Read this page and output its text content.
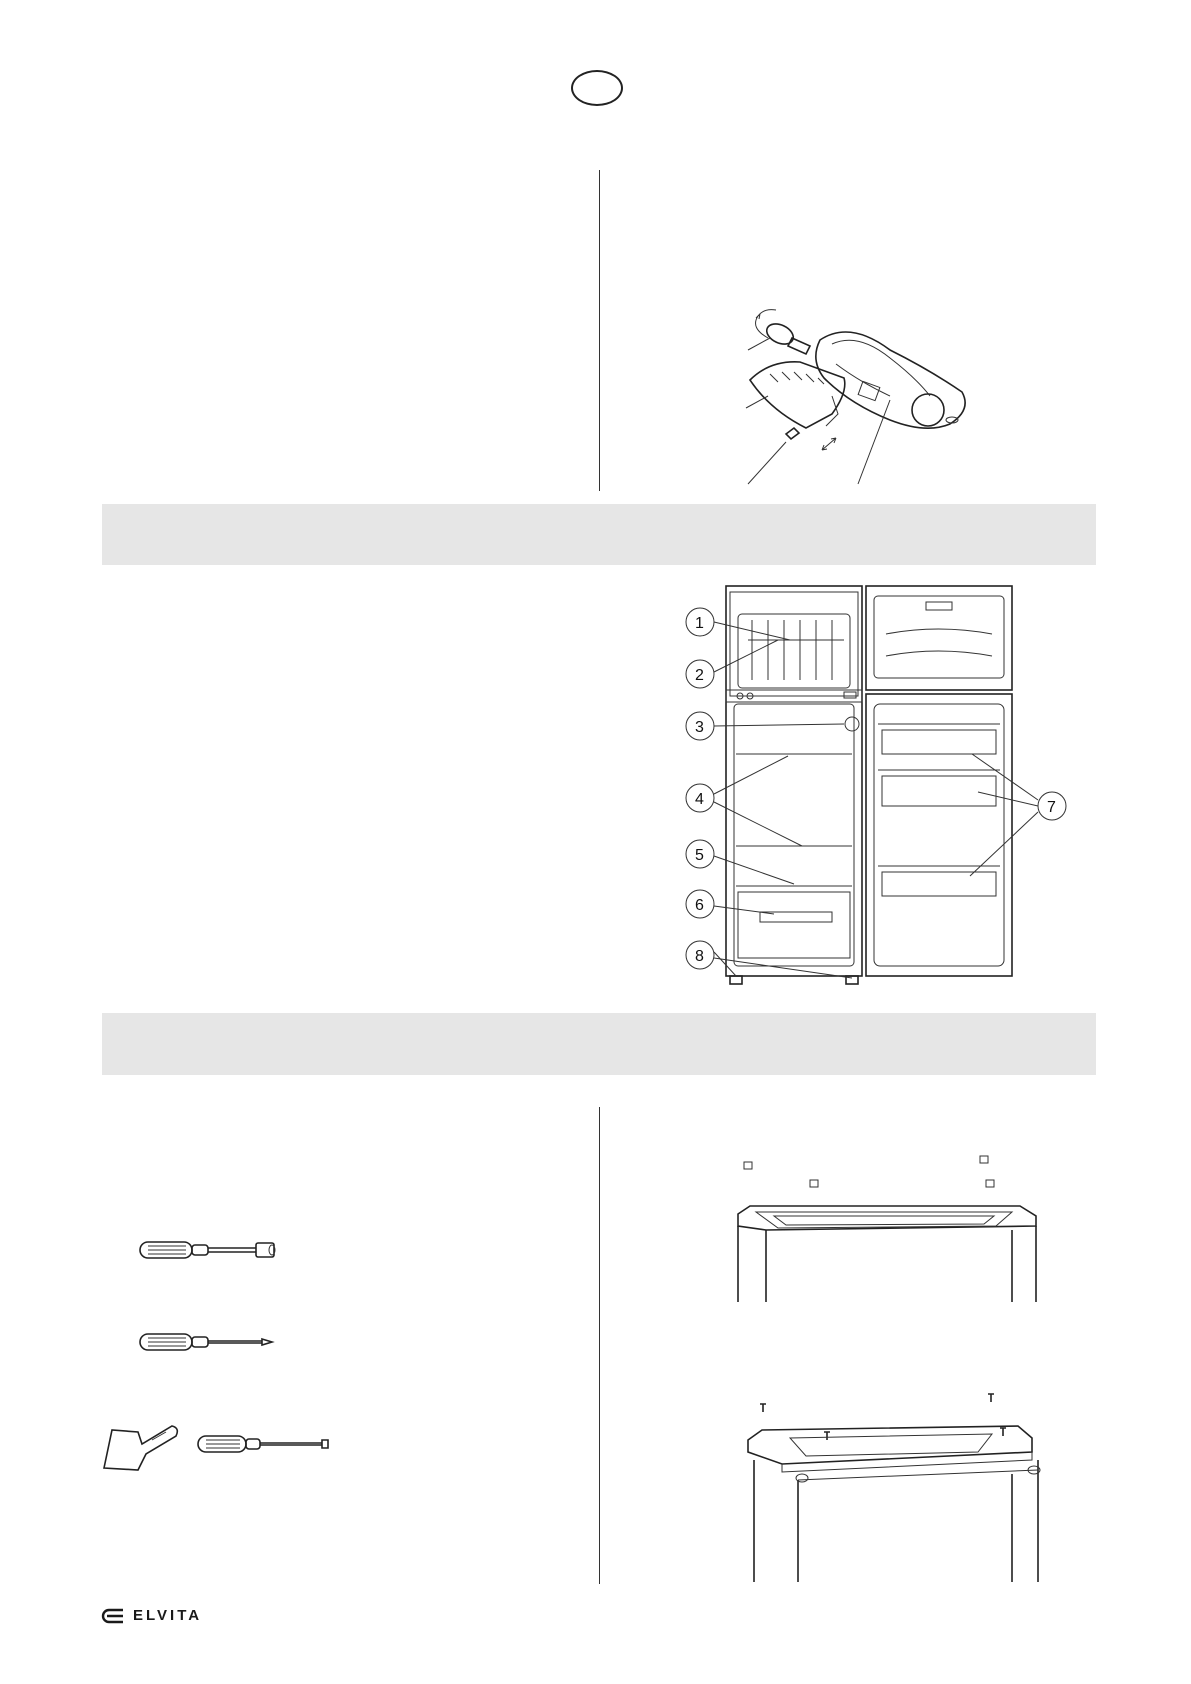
1
2
3
4
5
6
8
7
ELVITA
